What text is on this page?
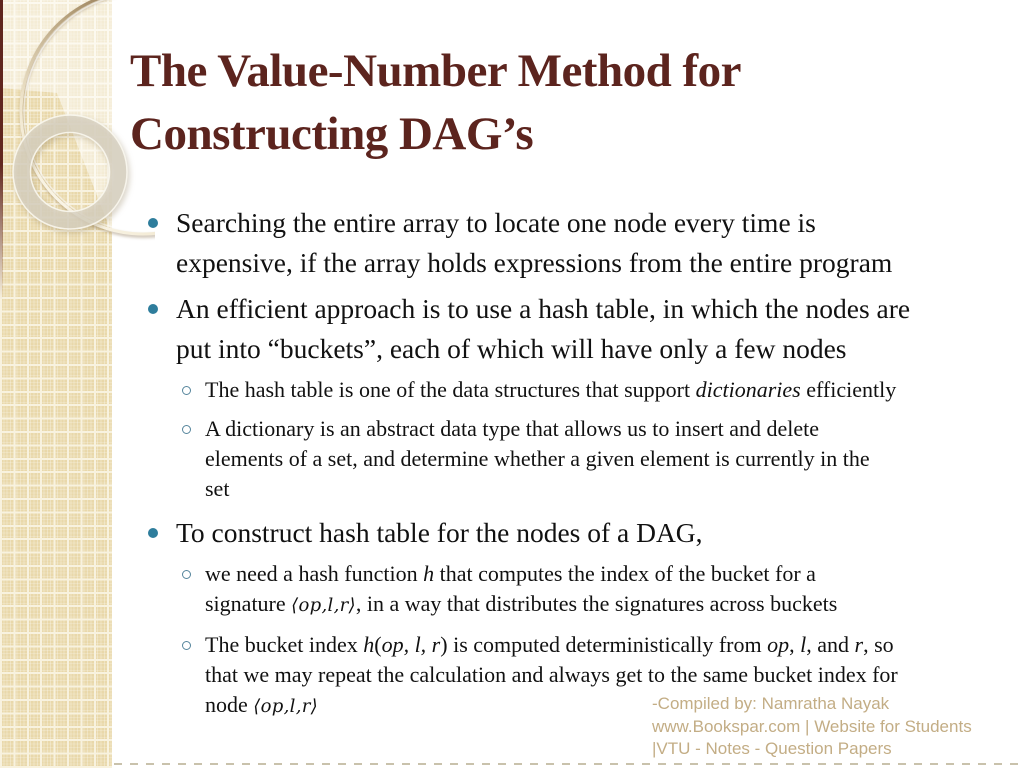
The Value-Number Method for
Constructing DAG’s
Searching the entire array to locate one node every time is
expensive, if the array holds expressions from the entire program
An efficient approach is to use a hash table, in which the nodes are
put into “buckets”, each of which will have only a few nodes
The hash table is one of the data structures that support dictionaries efficiently
A dictionary is an abstract data type that allows us to insert and delete
elements of a set, and determine whether a given element is currently in the
set
To construct hash table for the nodes of a DAG,
we need a hash function h that computes the index of the bucket for a
signature ⟨op,l,r⟩, in a way that distributes the signatures across buckets
The bucket index h(op, l, r) is computed deterministically from op, l, and r, so
that we may repeat the calculation and always get to the same bucket index for
node ⟨op,l,r⟩	-Compiled by: Namratha Nayak
www.Bookspar.com | Website for Students
|VTU - Notes - Question Papers
